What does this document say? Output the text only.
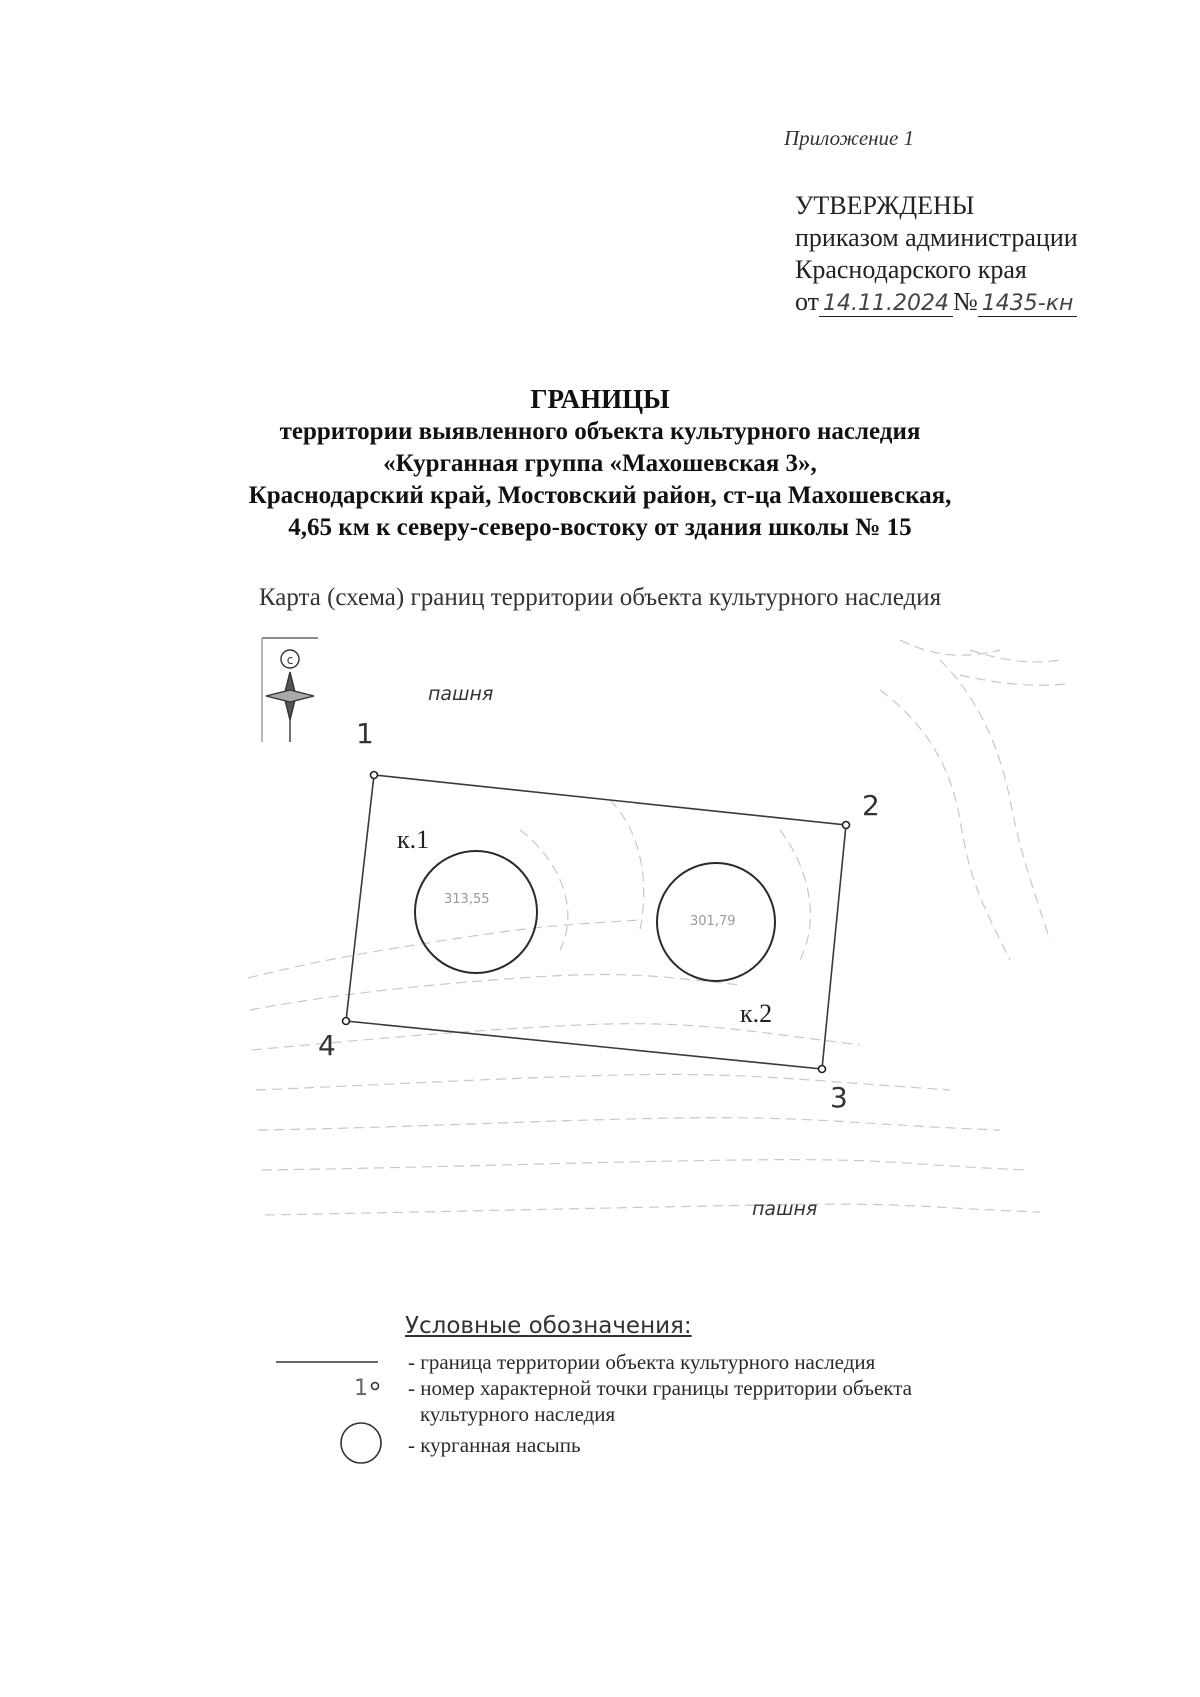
Приложение 1
УТВЕРЖДЕНЫ
приказом администрации
Краснодарского края
от 14.11.2024 № 1435-кн
ГРАНИЦЫ
территории выявленного объекта культурного наследия
«Курганная группа «Махошевская 3»,
Краснодарский край, Мостовский район, ст-ца Махошевская,
4,65 км к северу-северо-востоку от здания школы № 15
Карта (схема) границ территории объекта культурного наследия
c
пашня
пашня
1
2
3
4
к.1
к.2
313,55
301,79
1
Условные обозначения:
- граница территории объекта культурного наследия
- номер характерной точки границы территории объекта
культурного наследия
- курганная насыпь
